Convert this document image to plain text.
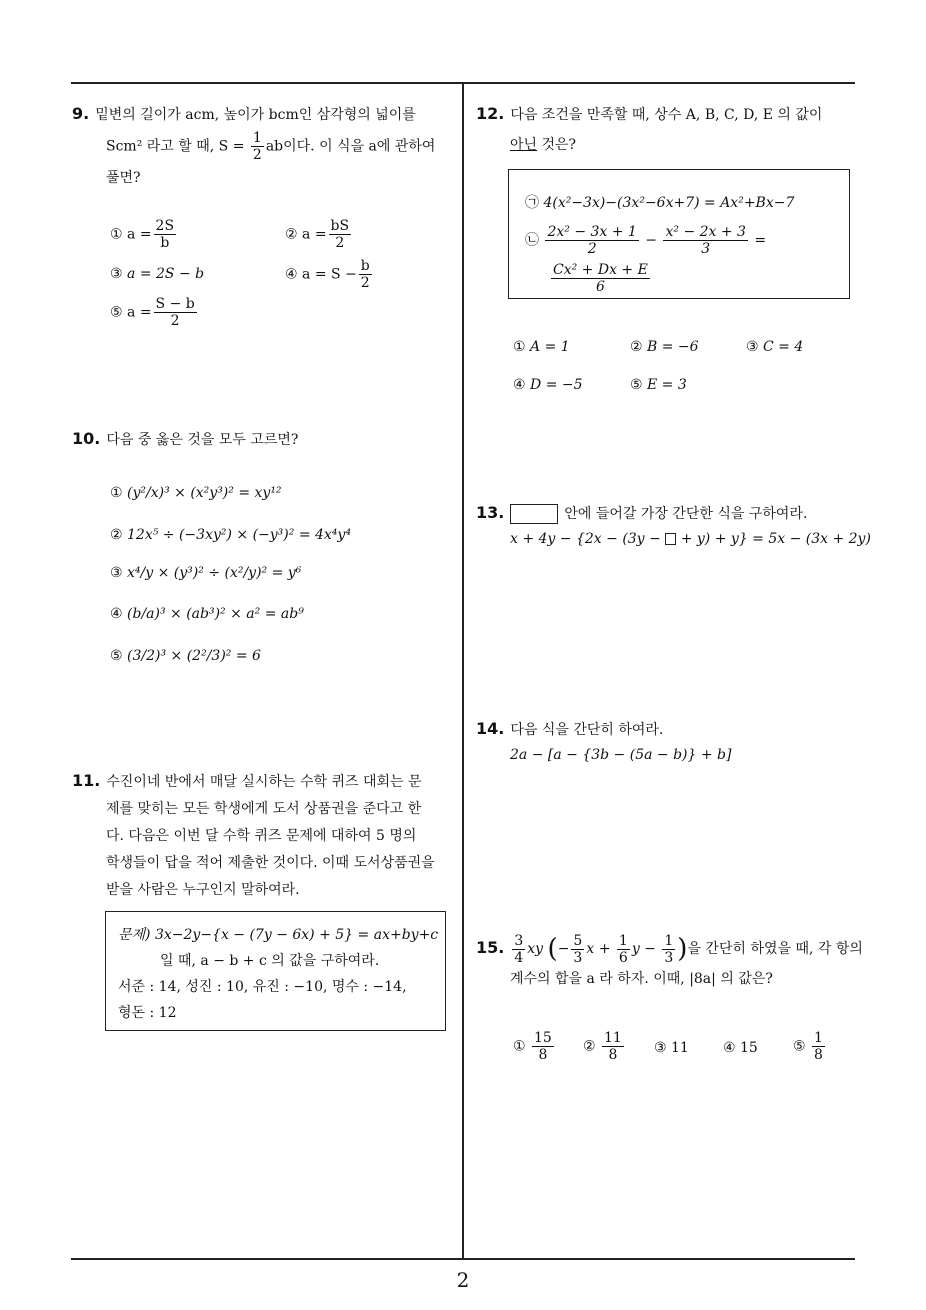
9. 밑변의 길이가 acm, 높이가 bcm인 삼각형의 넓이를
Scm² 라고 할 때, $S = \frac{1}{2}$ ab이다. 이 식을 a에 관하여
풀면?
① $a = \frac{2S}{b}$	② $a = \frac{bS}{2}$
③ a = 2S − b	④ $a = S - \frac{b}{2}$
⑤ $a = \frac{S - b}{2}$
10. 다음 중 옳은 것을 모두 고르면?
① (y²/x)³ × (x²y³)² = xy¹²
② 12x⁵ ÷ (−3xy²) × (−y³)² = 4x⁴y⁴
③ x⁴/y × (y³)² ÷ (x²/y)² = y⁶
④ (b/a)³ × (ab³)² × a² = ab⁹
⑤ (3/2)³ × (2²/3)² = 6
11. 수진이네 반에서 매달 실시하는 수학 퀴즈 대회는 문
제를 맞히는 모든 학생에게 도서 상품권을 준다고 한
다. 다음은 이번 달 수학 퀴즈 문제에 대하여 5 명의
학생들이 답을 적어 제출한 것이다. 이때 도서상품권을
받을 사람은 누구인지 말하여라.
문제) 3x−2y−{x − (7y − 6x) + 5} = ax+by+c
일 때, a − b + c 의 값을 구하여라.
서준 : 14, 성진 : 10, 유진 : −10, 명수 : −14,
형돈 : 12
12. 다음 조건을 만족할 때, 상수 A, B, C, D, E 의 값이
아닌 것은?
㉠ 4(x²−3x)−(3x²−6x+7) = Ax²+Bx−7
㉡ $\frac{\text{2x² − 3x + 1}}{2} - \frac{\text{x² − 2x + 3}}{3}$ =
$\frac{\text{Cx² + Dx + E}}{6}$
① A = 1	② B = −6	③ C = 4
④ D = −5	⑤ E = 3
13.	안에 들어갈 가장 간단한 식을 구하여라.
x + 4y − {2x − (3y − + y) + y} = 5x − (3x + 2y)
14. 다음 식을 간단히 하여라.
2a − [a − {3b − (5a − b)} + b]
15. $\frac{3}{4}$ xy (− $\frac{5}{3}$ $x + \frac{1}{6}$ $y - \frac{1}{3}$ )을 간단히 하였을 때, 각 항의
계수의 합을 a 라 하자. 이때, |8a| 의 값은?
① $\frac{15}{8}$ ② $\frac{11}{8}$ ③ 11 ④ 15	⑤ $\frac{1}{8}$
2
